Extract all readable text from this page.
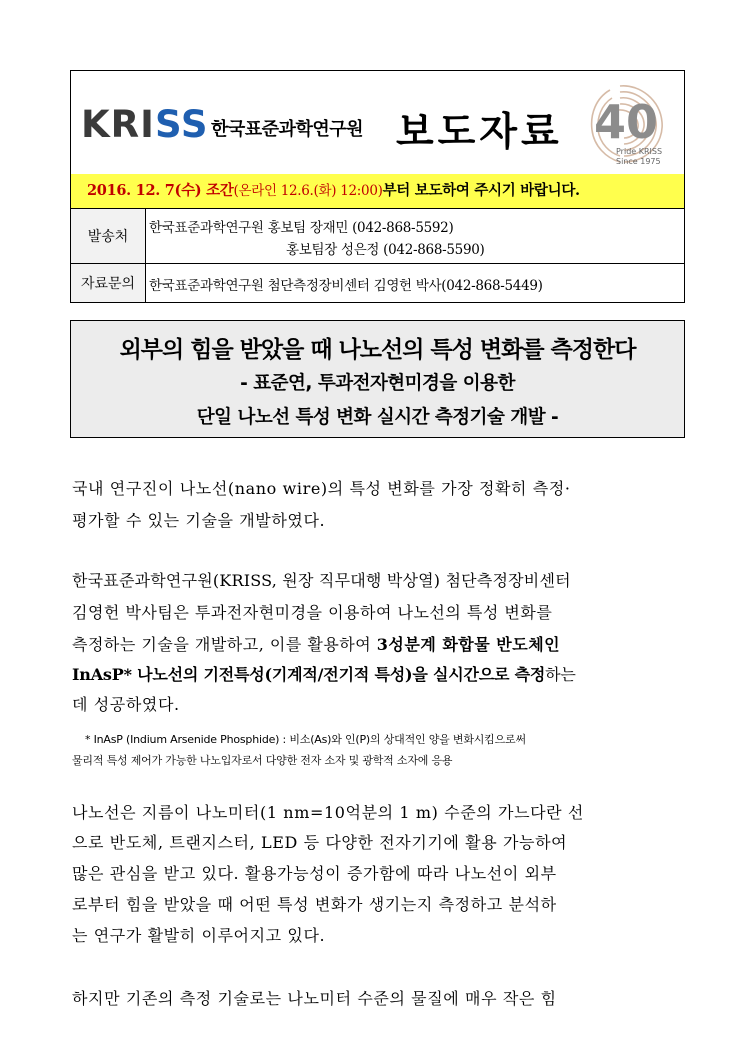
KRISS 한국표준과학연구원 보도자료 40
Pride KRISS
Since 1975
2016. 12. 7(수) 조간(온라인 12.6.(화) 12:00)부터 보도하여 주시기 바랍니다.
발송처
한국표준과학연구원 홍보팀 장재민 (042-868-5592)
홍보팀장 성은정 (042-868-5590)
자료문의	한국표준과학연구원 첨단측정장비센터 김영헌 박사(042-868-5449)
외부의 힘을 받았을 때 나노선의 특성 변화를 측정한다
- 표준연, 투과전자현미경을 이용한
단일 나노선 특성 변화 실시간 측정기술 개발 -
국내 연구진이 나노선(nano wire)의 특성 변화를 가장 정확히 측정·
평가할 수 있는 기술을 개발하였다.
한국표준과학연구원(KRISS, 원장 직무대행 박상열) 첨단측정장비센터
김영헌 박사팀은 투과전자현미경을 이용하여 나노선의 특성 변화를
측정하는 기술을 개발하고, 이를 활용하여 3성분계 화합물 반도체인
InAsP* 나노선의 기전특성(기계적/전기적 특성)을 실시간으로 측정하는
데 성공하였다.
* InAsP (Indium Arsenide Phosphide) : 비소(As)와 인(P)의 상대적인 양을 변화시킴으로써
물리적 특성 제어가 가능한 나노입자로서 다양한 전자 소자 및 광학적 소자에 응용
나노선은 지름이 나노미터(1 nm=10억분의 1 m) 수준의 가느다란 선
으로 반도체, 트랜지스터, LED 등 다양한 전자기기에 활용 가능하여
많은 관심을 받고 있다. 활용가능성이 증가함에 따라 나노선이 외부
로부터 힘을 받았을 때 어떤 특성 변화가 생기는지 측정하고 분석하
는 연구가 활발히 이루어지고 있다.
하지만 기존의 측정 기술로는 나노미터 수준의 물질에 매우 작은 힘
